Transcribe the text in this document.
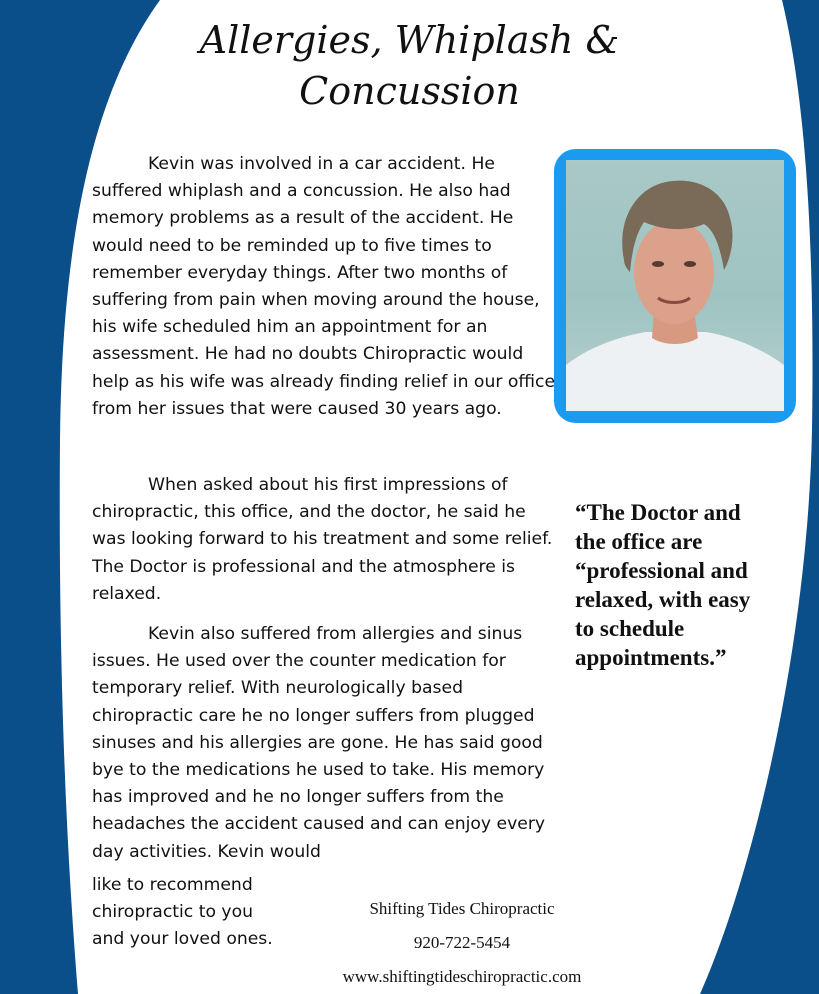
Allergies, Whiplash &
Concussion

Kevin was involved in a car accident. He suffered whiplash and a concussion. He also had memory problems as a result of the accident. He would need to be reminded up to five times to remember everyday things. After two months of suffering from pain when moving around the house, his wife scheduled him an appointment for an assessment. He had no doubts Chiropractic would help as his wife was already finding relief in our office from her issues that were caused 30 years ago.

When asked about his first impressions of chiropractic, this office, and the doctor, he said he was looking forward to his treatment and some relief. The Doctor is professional and the atmosphere is relaxed.

Kevin also suffered from allergies and sinus issues. He used over the counter medication for temporary relief. With neurologically based chiropractic care he no longer suffers from plugged sinuses and his allergies are gone. He has said good bye to the medications he used to take. His memory has improved and he no longer suffers from the headaches the accident caused and can enjoy every day activities. Kevin would

like to recommend chiropractic to you and your loved ones.

“The Doctor and the office are “professional and relaxed, with easy to schedule appointments.”
Shifting Tides Chiropractic
920-722-5454
www.shiftingtideschiropractic.com
